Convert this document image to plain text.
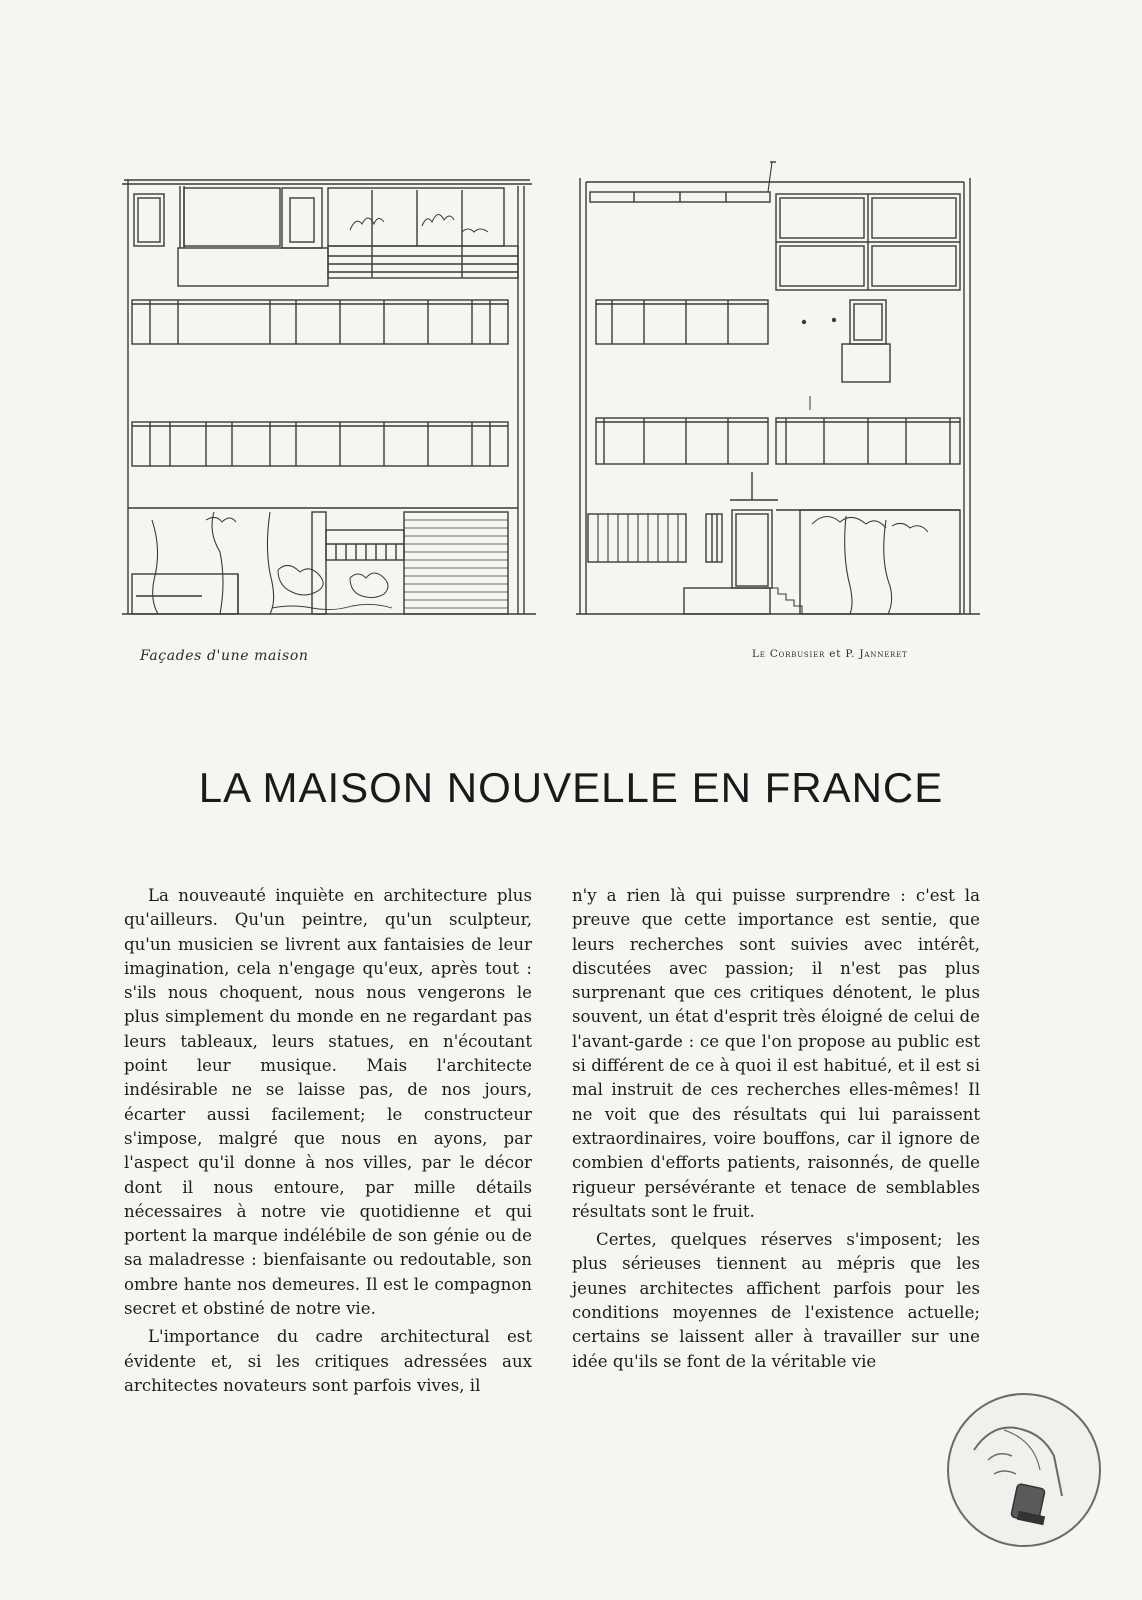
Façades d'une maison	Le Corbusier et P. Janneret
LA MAISON NOUVELLE EN FRANCE

La nouveauté inquiète en architecture plus qu'ailleurs. Qu'un peintre, qu'un sculpteur, qu'un musicien se livrent aux fantaisies de leur imagination, cela n'engage qu'eux, après tout : s'ils nous choquent, nous nous vengerons le plus simplement du monde en ne regardant pas leurs tableaux, leurs statues, en n'écoutant point leur musique. Mais l'architecte indésirable ne se laisse pas, de nos jours, écarter aussi facilement; le constructeur s'impose, malgré que nous en ayons, par l'aspect qu'il donne à nos villes, par le décor dont il nous entoure, par mille détails nécessaires à notre vie quotidienne et qui portent la marque indélébile de son génie ou de sa maladresse : bienfaisante ou redoutable, son ombre hante nos demeures. Il est le compagnon secret et obstiné de notre vie.

L'importance du cadre architectural est évidente et, si les critiques adressées aux architectes novateurs sont parfois vives, il

n'y a rien là qui puisse surprendre : c'est la preuve que cette importance est sentie, que leurs recherches sont suivies avec intérêt, discutées avec passion; il n'est pas plus surprenant que ces critiques dénotent, le plus souvent, un état d'esprit très éloigné de celui de l'avant-garde : ce que l'on propose au public est si différent de ce à quoi il est habitué, et il est si mal instruit de ces recherches elles-mêmes! Il ne voit que des résultats qui lui paraissent extraordinaires, voire bouffons, car il ignore de combien d'efforts patients, raisonnés, de quelle rigueur persévérante et tenace de semblables résultats sont le fruit.

Certes, quelques réserves s'imposent; les plus sérieuses tiennent au mépris que les jeunes architectes affichent parfois pour les conditions moyennes de l'existence actuelle; certains se laissent aller à travailler sur une idée qu'ils se font de la véritable vie
